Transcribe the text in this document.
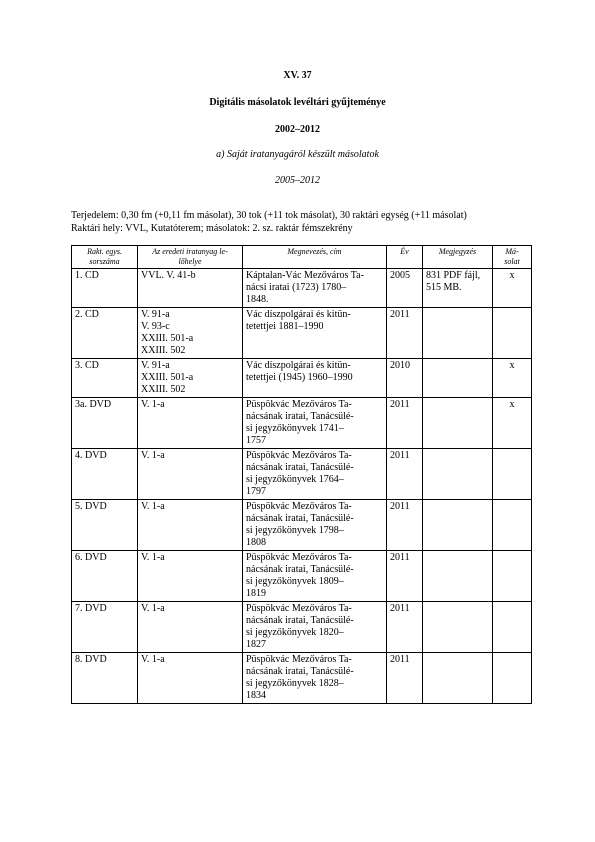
XV. 37
Digitális másolatok levéltári gyűjteménye
2002–2012
a) Saját iratanyagáról készült másolatok
2005–2012
Terjedelem: 0,30 fm (+0,11 fm másolat), 30 tok (+11 tok másolat), 30 raktári egység (+11 másolat)
Raktári hely: VVL, Kutatóterem; másolatok: 2. sz. raktár fémszekrény
Rakt. egys.
sorszáma	Az eredeti iratanyag le-
lőhelye	Megnevezés, cím	Év	Megjegyzés	Má-
solat

1. CD	VVL. V. 41-b	Káptalan-Vác Mezőváros Ta-
nácsi iratai (1723) 1780–
1848.	2005	831 PDF fájl,
515 MB.	x

2. CD	V. 91-a
V. 93-c
XXIII. 501-a
XXIII. 502	Vác díszpolgárai és kitün-
tetettjei 1881–1990	2011		

3. CD	V. 91-a
XXIII. 501-a
XXIII. 502	Vác díszpolgárai és kitün-
tetettjei (1945) 1960–1990	2010		x

3a. DVD	V. 1-a	Püspökvác Mezőváros Ta-
nácsának iratai, Tanácsülé-
si jegyzőkönyvek 1741–
1757	2011		x

4. DVD	V. 1-a	Püspökvác Mezőváros Ta-
nácsának iratai, Tanácsülé-
si jegyzőkönyvek 1764–
1797	2011		

5. DVD	V. 1-a	Püspökvác Mezőváros Ta-
nácsának iratai, Tanácsülé-
si jegyzőkönyvek 1798–
1808	2011		

6. DVD	V. 1-a	Püspökvác Mezőváros Ta-
nácsának iratai, Tanácsülé-
si jegyzőkönyvek 1809–
1819	2011		

7. DVD	V. 1-a	Püspökvác Mezőváros Ta-
nácsának iratai, Tanácsülé-
si jegyzőkönyvek 1820–
1827	2011		

8. DVD	V. 1-a	Püspökvác Mezőváros Ta-
nácsának iratai, Tanácsülé-
si jegyzőkönyvek 1828–
1834	2011		
